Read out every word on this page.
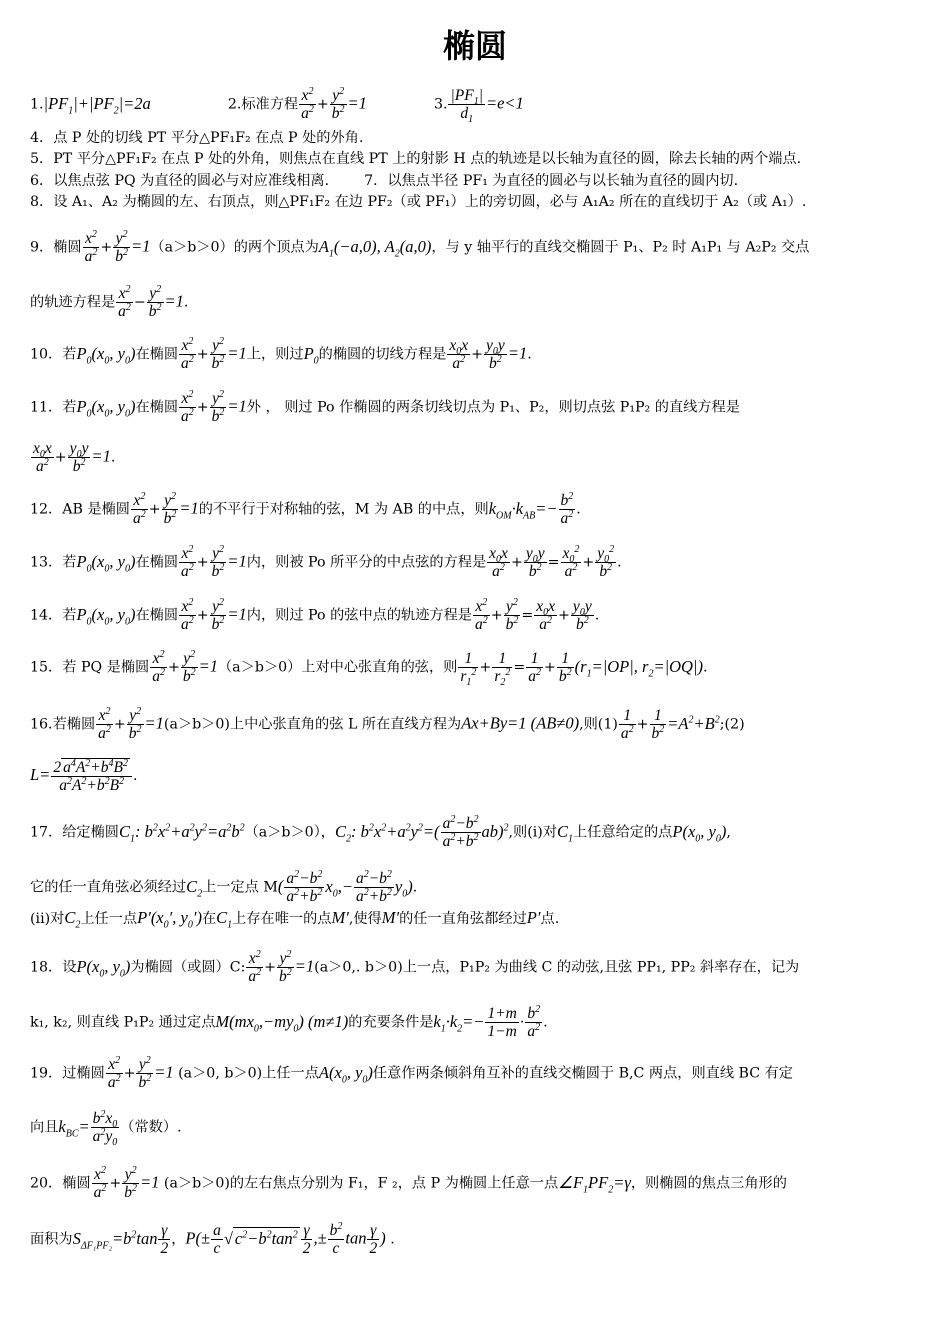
椭圆
$1.|PF_1|+|PF_2|=2a$	2.标准方程 $\frac{x^2}{a^2} + \frac{y^2}{b^2} =1$	3. $\frac{|PF_1|}{d_1} =e<1$
4．点 P 处的切线 PT 平分△PF₁F₂ 在点 P 处的外角.
5．PT 平分△PF₁F₂ 在点 P 处的外角，则焦点在直线 PT 上的射影 H 点的轨迹是以长轴为直径的圆，除去长轴的两个端点.
6．以焦点弦 PQ 为直径的圆必与对应准线相离. 7．以焦点半径 PF₁ 为直径的圆必与以长轴为直径的圆内切.
8．设 A₁、A₂ 为椭圆的左、右顶点，则△PF₁F₂ 在边 PF₂（或 PF₁）上的旁切圆，必与 A₁A₂ 所在的直线切于 A₂（或 A₁）.
9．椭圆 $\frac{x^2}{a^2} + \frac{y^2}{b^2} =1(a>b>0)$的两个顶点为$A_1(-a,0)$, $A_2(a,0)$，与 y 轴平行的直线交椭圆于 P₁、P₂ 时 A₁P₁ 与 A₂P₂ 交点
的轨迹方程是 $\frac{x^2}{a^2} - \frac{y^2}{b^2} =1$.
10．若$P_0(x_0$, $y_0$)在椭圆 $\frac{x^2}{a^2} + \frac{y^2}{b^2} =1$上，则过$P_0$的椭圆的切线方程是 $\frac{x_0x}{a^2} + \frac{y_0y}{b^2} =1$.
11．若$P_0(x_0$, $y_0$)在椭圆 $\frac{x^2}{a^2} + \frac{y^2}{b^2} =1$外 ， 则过 Po 作椭圆的两条切线切点为 P₁、P₂，则切点弦 P₁P₂ 的直线方程是
$\frac{x_0x}{a^2} + \frac{y_0y}{b^2} =1$.
12．AB 是椭圆 $\frac{x^2}{a^2} + \frac{y^2}{b^2} =1$的不平行于对称轴的弦，M 为 AB 的中点，则$k_{OM}\cdot k_{AB}=- \frac{b^2}{a^2}$ .
13．若$P_0(x_0$, $y_0$)在椭圆 $\frac{x^2}{a^2} + \frac{y^2}{b^2} =1$内，则被 Po 所平分的中点弦的方程是 $\frac{x_0x}{a^2} + \frac{y_0y}{b^2} = \frac{x_0^2}{a^2} + \frac{y_0^2}{b^2}$ .
14．若$P_0(x_0$, $y_0$)在椭圆 $\frac{x^2}{a^2} + \frac{y^2}{b^2} =1$内，则过 Po 的弦中点的轨迹方程是 $\frac{x^2}{a^2} + \frac{y^2}{b^2} = \frac{x_0x}{a^2} + \frac{y_0y}{b^2}$ .
15．若 PQ 是椭圆 $\frac{x^2}{a^2} + \frac{y^2}{b^2} =1(a>b>0)$上对中心张直角的弦，则 $\frac{1}{r_1^2} + \frac{1}{r_2^2} = \frac{1}{a^2} + \frac{1}{b^2} (r_1=|OP|$, $r_2=|OQ|$).
16.若椭圆 $\frac{x^2}{a^2} + \frac{y^2}{b^2} =1(a>b>0)$上中心张直角的弦 L 所在直线方程为Ax+By=1 (AB≠0),则$(1) \frac{1}{a^2} + \frac{1}{b^2}$ $=A^2+B^2;(2)$
$L= \frac{2 a^4A^2+b^4B^2}{a^2A^2+b^2B^2}$ .
17．给定椭圆$C_1$: $b^2x^2+a^2y^2=a^2b^2(a>b>0)$，$C_2$: $b^2x^2+a^2y^2=( \frac{a^2-b^2}{a^2+b^2} ab)^2$,则(i)对$C_1$上任意给定的点$P(x_0$, $y_0$),
它的任一直角弦必须经过$C_2$上一定点 $M( \frac{a^2-b^2}{a^2+b^2} x_0,- \frac{a^2-b^2}{a^2+b^2} y_0)$.
(ii)对$C_2$上任一点$P'(x_0'$, $y_0'$)在$C_1$上存在唯一的点M′,使得M′的任一直角弦都经过P′点.
18．设$P(x_0$, $y_0$)为椭圆（或圆）C: $\frac{x^2}{a^2} + \frac{y^2}{b^2} =1(a>0$,. b＞0)上一点，P₁P₂ 为曲线 C 的动弦,且弦 PP₁, PP₂ 斜率存在，记为
k₁, k₂, 则直线 P₁P₂ 通过定点$M(mx_0,-my_0)$ (m≠1)的充要条件是$k_1\cdot k_2=- \frac{1+m}{1-m} \cdot \frac{b^2}{a^2}$ .
19．过椭圆 $\frac{x^2}{a^2} + \frac{y^2}{b^2} =1$ (a＞0, b＞0)上任一点$A(x_0$, $y_0$)任意作两条倾斜角互补的直线交椭圆于 B,C 两点，则直线 BC 有定
向且$k_{BC}= \frac{b^2x_0}{a^2y_0}$ （常数）.
20．椭圆 $\frac{x^2}{a^2} + \frac{y^2}{b^2} =1$ (a＞b＞0)的左右焦点分别为 F₁，F ₂，点 P 为椭圆上任意一点$\angle F_1PF_2=\gamma$，则椭圆的焦点三角形的
面积为$S_{\Delta F_1PF_2}=b^2\tan \frac{\gamma}{2}$ ，$P(\pm \frac{a}{c}$ √ $c^2-b^2\tan^2 \frac{\gamma}{2}$ ,± $\frac{b^2}{c}$ $\tan \frac{\gamma}{2}$ ) .
